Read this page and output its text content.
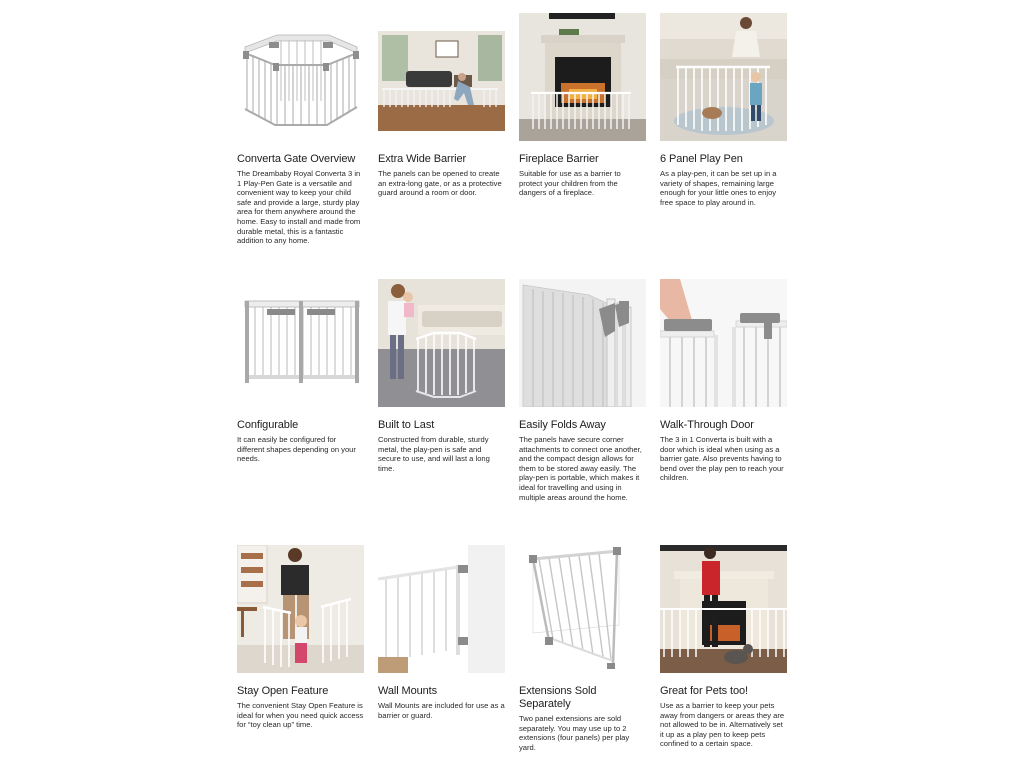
Converta Gate Overview
The Dreambaby Royal Converta 3 in 1 Play-Pen Gate is a versatile and convenient way to keep your child safe and provide a large, sturdy play area for them anywhere around the home. Easy to install and made from durable metal, this is a fantastic addition to any home.
Extra Wide Barrier
The panels can be opened to create an extra-long gate, or as a protective guard around a room or door.
Fireplace Barrier
Suitable for use as a barrier to protect your children from the dangers of a fireplace.
6 Panel Play Pen
As a play-pen, it can be set up in a variety of shapes, remaining large enough for your little ones to enjoy free space to play around in.
Configurable
It can easily be configured for different shapes depending on your needs.
Built to Last
Constructed from durable, sturdy metal, the play-pen is safe and secure to use, and will last a long time.
Easily Folds Away
The panels have secure corner attachments to connect one another, and the compact design allows for them to be stored away easily. The play-pen is portable, which makes it ideal for travelling and using in multiple areas around the home.
Walk-Through Door
The 3 in 1 Converta is built with a door which is ideal when using as a barrier gate. Also prevents having to bend over the play pen to reach your children.
Stay Open Feature
The convenient Stay Open Feature is ideal for when you need quick access for “toy clean up” time.
Wall Mounts
Wall Mounts are included for use as a barrier or guard.
Extensions Sold Separately
Two panel extensions are sold separately. You may use up to 2 extensions (four panels) per play yard.
Great for Pets too!
Use as a barrier to keep your pets away from dangers or areas they are not allowed to be in. Alternatively set it up as a play pen to keep pets confined to a certain space.
